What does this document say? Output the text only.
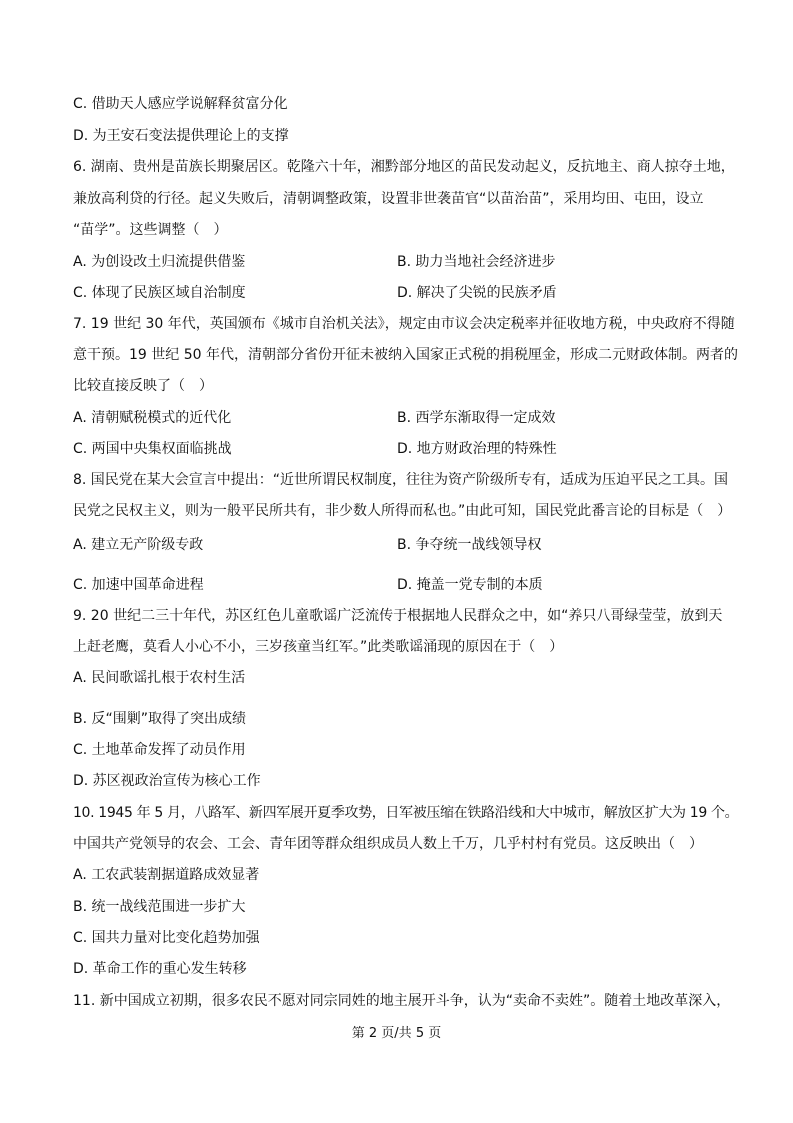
C. 借助天人感应学说解释贫富分化
D. 为王安石变法提供理论上的支撑
6. 湖南、贵州是苗族长期聚居区。乾隆六十年，湘黔部分地区的苗民发动起义，反抗地主、商人掠夺土地，
兼放高利贷的行径。起义失败后，清朝调整政策，设置非世袭苗官“以苗治苗”，采用均田、屯田，设立
“苗学”。这些调整（　）
A. 为创设改土归流提供借鉴	B. 助力当地社会经济进步
C. 体现了民族区域自治制度	D. 解决了尖锐的民族矛盾
7. 19 世纪 30 年代，英国颁布《城市自治机关法》，规定由市议会决定税率并征收地方税，中央政府不得随
意干预。19 世纪 50 年代，清朝部分省份开征未被纳入国家正式税的捐税厘金，形成二元财政体制。两者的
比较直接反映了（　）
A. 清朝赋税模式的近代化	B. 西学东渐取得一定成效
C. 两国中央集权面临挑战	D. 地方财政治理的特殊性
8. 国民党在某大会宣言中提出：“近世所谓民权制度，往往为资产阶级所专有，适成为压迫平民之工具。国
民党之民权主义，则为一般平民所共有，非少数人所得而私也。”由此可知，国民党此番言论的目标是（　）
A. 建立无产阶级专政	B. 争夺统一战线领导权
C. 加速中国革命进程	D. 掩盖一党专制的本质
9. 20 世纪二三十年代，苏区红色儿童歌谣广泛流传于根据地人民群众之中，如“养只八哥绿莹莹，放到天
上赶老鹰，莫看人小心不小，三岁孩童当红军。”此类歌谣涌现的原因在于（　）
A. 民间歌谣扎根于农村生活
B. 反“围剿”取得了突出成绩
C. 土地革命发挥了动员作用
D. 苏区视政治宣传为核心工作
10. 1945 年 5 月，八路军、新四军展开夏季攻势，日军被压缩在铁路沿线和大中城市，解放区扩大为 19 个。
中国共产党领导的农会、工会、青年团等群众组织成员人数上千万，几乎村村有党员。这反映出（　）
A. 工农武装割据道路成效显著
B. 统一战线范围进一步扩大
C. 国共力量对比变化趋势加强
D. 革命工作的重心发生转移
11. 新中国成立初期，很多农民不愿对同宗同姓的地主展开斗争，认为“卖命不卖姓”。随着土地改革深入，
第 2 页/共 5 页
